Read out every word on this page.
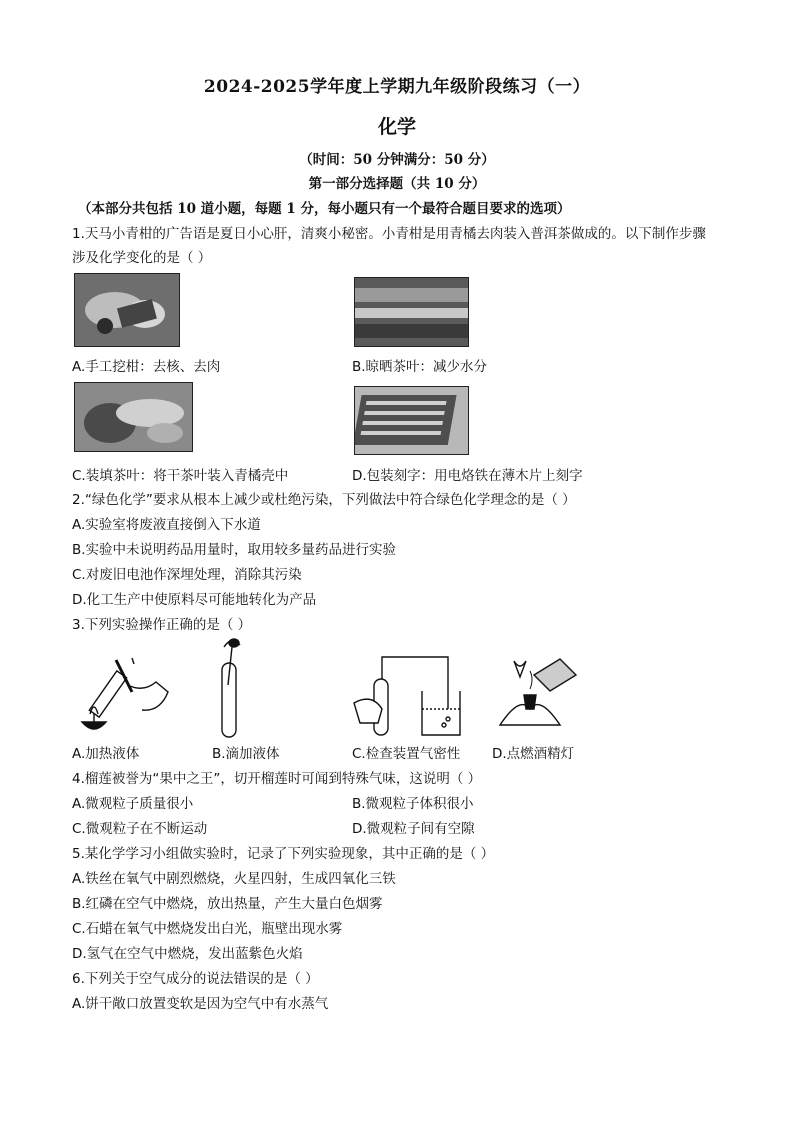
2024-2025学年度上学期九年级阶段练习（一）
化学
（时间：50 分钟满分：50 分）
第一部分选择题（共 10 分）
（本部分共包括 10 道小题，每题 1 分，每小题只有一个最符合题目要求的选项）
1.天马小青柑的广告语是夏日小心肝，清爽小秘密。小青柑是用青橘去肉装入普洱茶做成的。以下制作步骤
涉及化学变化的是（ ）
A.手工挖柑：去核、去肉	B.晾晒茶叶：减少水分
C.装填茶叶：将干茶叶装入青橘壳中	D.包装刻字：用电烙铁在薄木片上刻字
2.“绿色化学”要求从根本上减少或杜绝污染，下列做法中符合绿色化学理念的是（ ）
A.实验室将废液直接倒入下水道
B.实验中未说明药品用量时，取用较多量药品进行实验
C.对废旧电池作深埋处理，消除其污染
D.化工生产中使原料尽可能地转化为产品
3.下列实验操作正确的是（ ）
A.加热液体	B.滴加液体	C.检查装置气密性 D.点燃酒精灯
4.榴莲被誉为“果中之王”，切开榴莲时可闻到特殊气味，这说明（ ）
A.微观粒子质量很小	B.微观粒子体积很小
C.微观粒子在不断运动	D.微观粒子间有空隙
5.某化学学习小组做实验时，记录了下列实验现象，其中正确的是（ ）
A.铁丝在氧气中剧烈燃烧，火星四射，生成四氧化三铁
B.红磷在空气中燃烧，放出热量，产生大量白色烟雾
C.石蜡在氧气中燃烧发出白光，瓶壁出现水雾
D.氢气在空气中燃烧，发出蓝紫色火焰
6.下列关于空气成分的说法错误的是（ ）
A.饼干敞口放置变软是因为空气中有水蒸气
